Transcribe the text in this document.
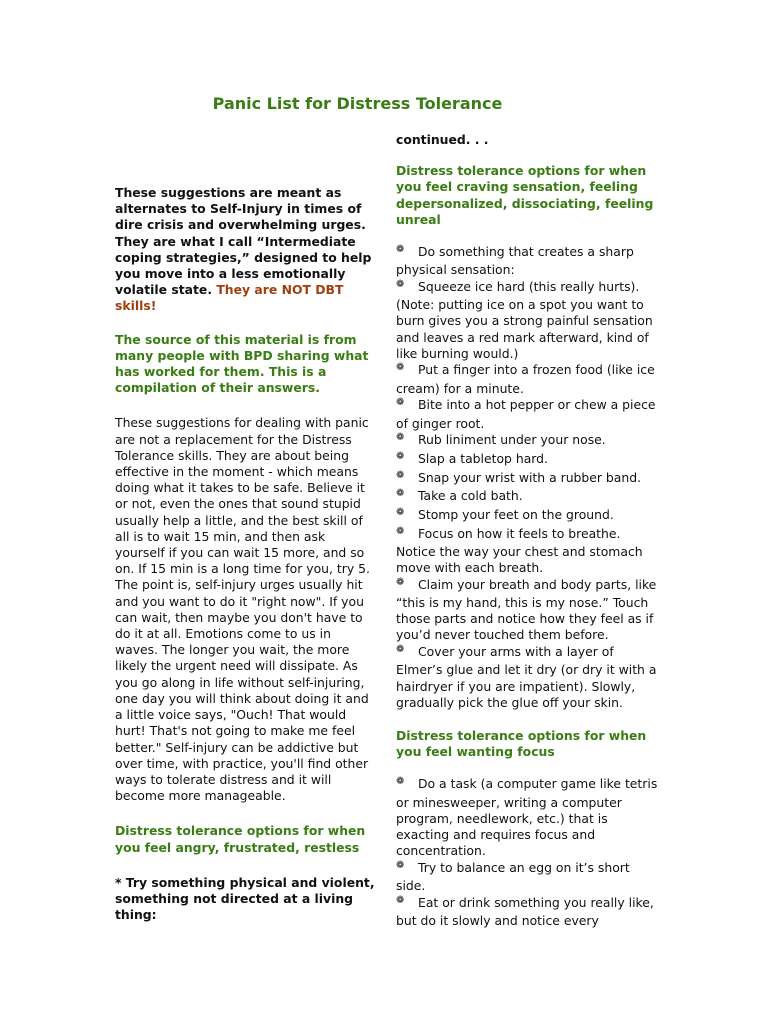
Panic List for Distress Tolerance

These suggestions are meant as alternates to Self-Injury in times of dire crisis and overwhelming urges. They are what I call “Intermediate coping strategies,” designed to help you move into a less emotionally volatile state. They are NOT DBT skills!

The source of this material is from many people with BPD sharing what has worked for them. This is a compilation of their answers.

These suggestions for dealing with panic are not a replacement for the Distress Tolerance skills. They are about being effective in the moment - which means doing what it takes to be safe. Believe it or not, even the ones that sound stupid usually help a little, and the best skill of all is to wait 15 min, and then ask yourself if you can wait 15 more, and so on. If 15 min is a long time for you, try 5. The point is, self-injury urges usually hit and you want to do it "right now". If you can wait, then maybe you don't have to do it at all. Emotions come to us in waves. The longer you wait, the more likely the urgent need will dissipate. As you go along in life without self-injuring, one day you will think about doing it and a little voice says, "Ouch! That would hurt! That's not going to make me feel better." Self-injury can be addictive but over time, with practice, you'll find other ways to tolerate distress and it will become more manageable.

Distress tolerance options for when you feel angry, frustrated, restless

* Try something physical and violent, something not directed at a living thing:

continued. . .

Distress tolerance options for when you feel craving sensation, feeling depersonalized, dissociating, feeling unreal

❁ Do something that creates a sharp physical sensation:
❁ Squeeze ice hard (this really hurts). (Note: putting ice on a spot you want to burn gives you a strong painful sensation and leaves a red mark afterward, kind of like burning would.)
❁ Put a finger into a frozen food (like ice cream) for a minute.
❁ Bite into a hot pepper or chew a piece of ginger root.
❁ Rub liniment under your nose.
❁ Slap a tabletop hard.
❁ Snap your wrist with a rubber band.
❁ Take a cold bath.
❁ Stomp your feet on the ground.
❁ Focus on how it feels to breathe. Notice the way your chest and stomach move with each breath.
❁ Claim your breath and body parts, like “this is my hand, this is my nose.” Touch those parts and notice how they feel as if you’d never touched them before.
❁ Cover your arms with a layer of Elmer’s glue and let it dry (or dry it with a hairdryer if you are impatient). Slowly, gradually pick the glue off your skin.

Distress tolerance options for when you feel wanting focus

❁ Do a task (a computer game like tetris or minesweeper, writing a computer program, needlework, etc.) that is exacting and requires focus and concentration.
❁ Try to balance an egg on it’s short side.
❁ Eat or drink something you really like, but do it slowly and notice every
